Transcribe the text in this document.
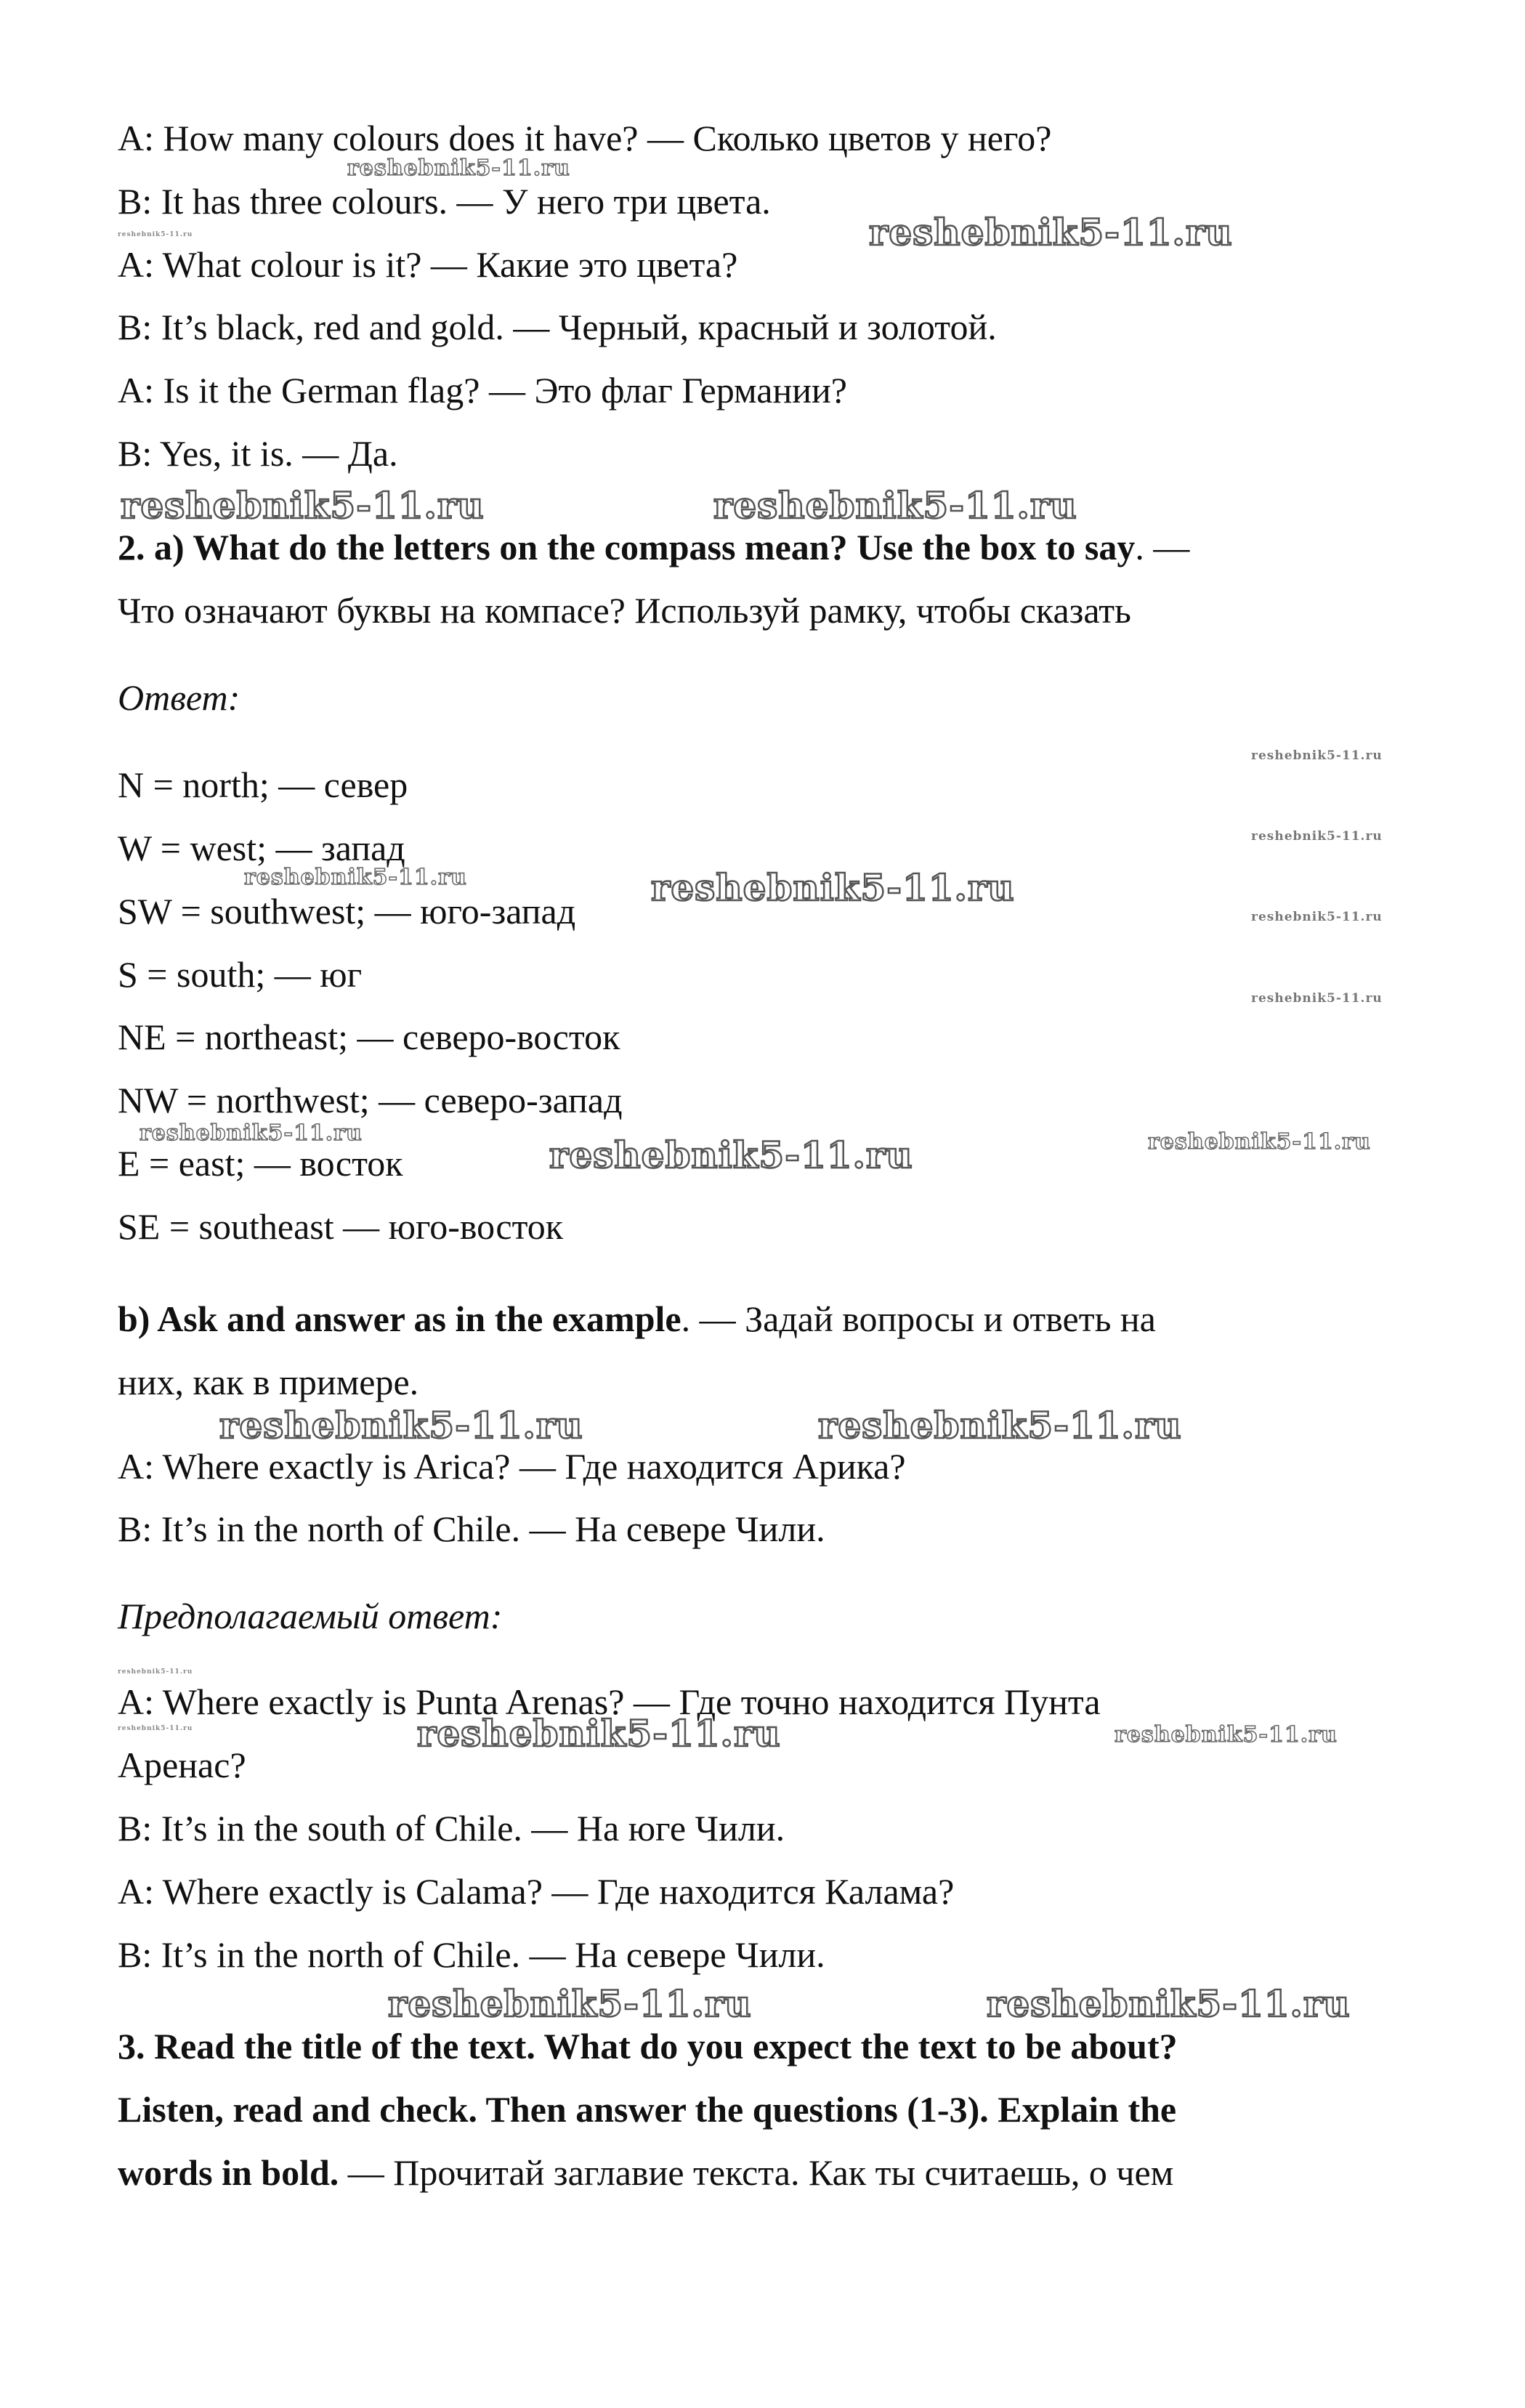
A: How many colours does it have? — Сколько цветов у него?
B: It has three colours. — У него три цвета.
A: What colour is it? — Какие это цвета?
B: It’s black, red and gold. — Черный, красный и золотой.
A: Is it the German flag? — Это флаг Германии?
B: Yes, it is. — Да.
2. a) What do the letters on the compass mean? Use the box to say. —
Что означают буквы на компасе? Используй рамку, чтобы сказать
Ответ:
N = north; — север
W = west; — запад
SW = southwest; — юго-запад
S = south; — юг
NE = northeast; — северо-восток
NW = northwest; — северо-запад
E = east; — восток
SE = southeast — юго-восток
b) Ask and answer as in the example. — Задай вопросы и ответь на
них, как в примере.
A: Where exactly is Arica? — Где находится Арика?
B: It’s in the north of Chile. — На севере Чили.
Предполагаемый ответ:
A: Where exactly is Punta Arenas? — Где точно находится Пунта
Аренас?
B: It’s in the south of Chile. — На юге Чили.
A: Where exactly is Calama? — Где находится Калама?
B: It’s in the north of Chile. — На севере Чили.
3. Read the title of the text. What do you expect the text to be about?
Listen, read and check. Then answer the questions (1-3). Explain the
words in bold. — Прочитай заглавие текста. Как ты считаешь, о чем
reshebnik5-11.ru
reshebnik5-11.ru	reshebnik5-11.ru
reshebnik5-11.ru	reshebnik5-11.ru
reshebnik5-11.ru
reshebnik5-11.ru
reshebnik5-11.ru	reshebnik5-11.ru
reshebnik5-11.ru
reshebnik5-11.ru
reshebnik5-11.ru
reshebnik5-11.ru	reshebnik5-11.ru
reshebnik5-11.ru	reshebnik5-11.ru
reshebnik5-11.ru
reshebnik5-11.ru	reshebnik5-11.ru	reshebnik5-11.ru
reshebnik5-11.ru	reshebnik5-11.ru
